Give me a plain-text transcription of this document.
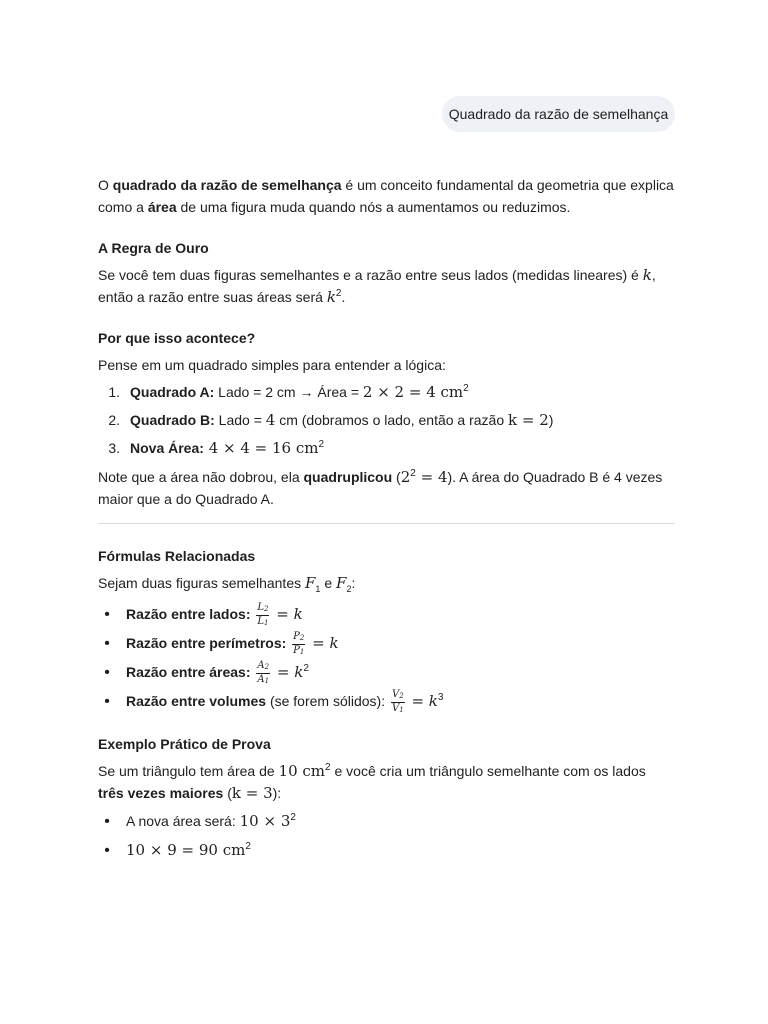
Quadrado da razão de semelhança

O quadrado da razão de semelhança é um conceito fundamental da geometria que explica como a área de uma figura muda quando nós a aumentamos ou reduzimos.

A Regra de Ouro

Se você tem duas figuras semelhantes e a razão entre seus lados (medidas lineares) é k, então a razão entre suas áreas será $k^2$.

Por que isso acontece?

Pense em um quadrado simples para entender a lógica:

1. Quadrado A: Lado = 2 cm → Área = 2 × 2 = 4 $cm^2$
2. Quadrado B: Lado = 4 cm (dobramos o lado, então a razão k = 2)
3. Nova Área: 4 × 4 = 16 $cm^2$

Note que a área não dobrou, ela quadruplicou $(2^2 = 4)$. A área do Quadrado B é 4 vezes maior que a do Quadrado A.

Fórmulas Relacionadas

Sejam duas figuras semelhantes $F_1$ e $F_2$:

• Razão entre lados: $\frac{L_2}{L_1} = k$
• Razão entre perímetros: $\frac{P_2}{P_1} = k$
• Razão entre áreas: $\frac{A_2}{A_1} = k^2$
• Razão entre volumes (se forem sólidos): $\frac{V_2}{V_1} = k^3$

Exemplo Prático de Prova

Se um triângulo tem área de 10 $cm^2$ e você cria um triângulo semelhante com os lados três vezes maiores (k = 3):

• A nova área será: $10 \times 3^2$
• 10 × 9 = 90 $cm^2$
